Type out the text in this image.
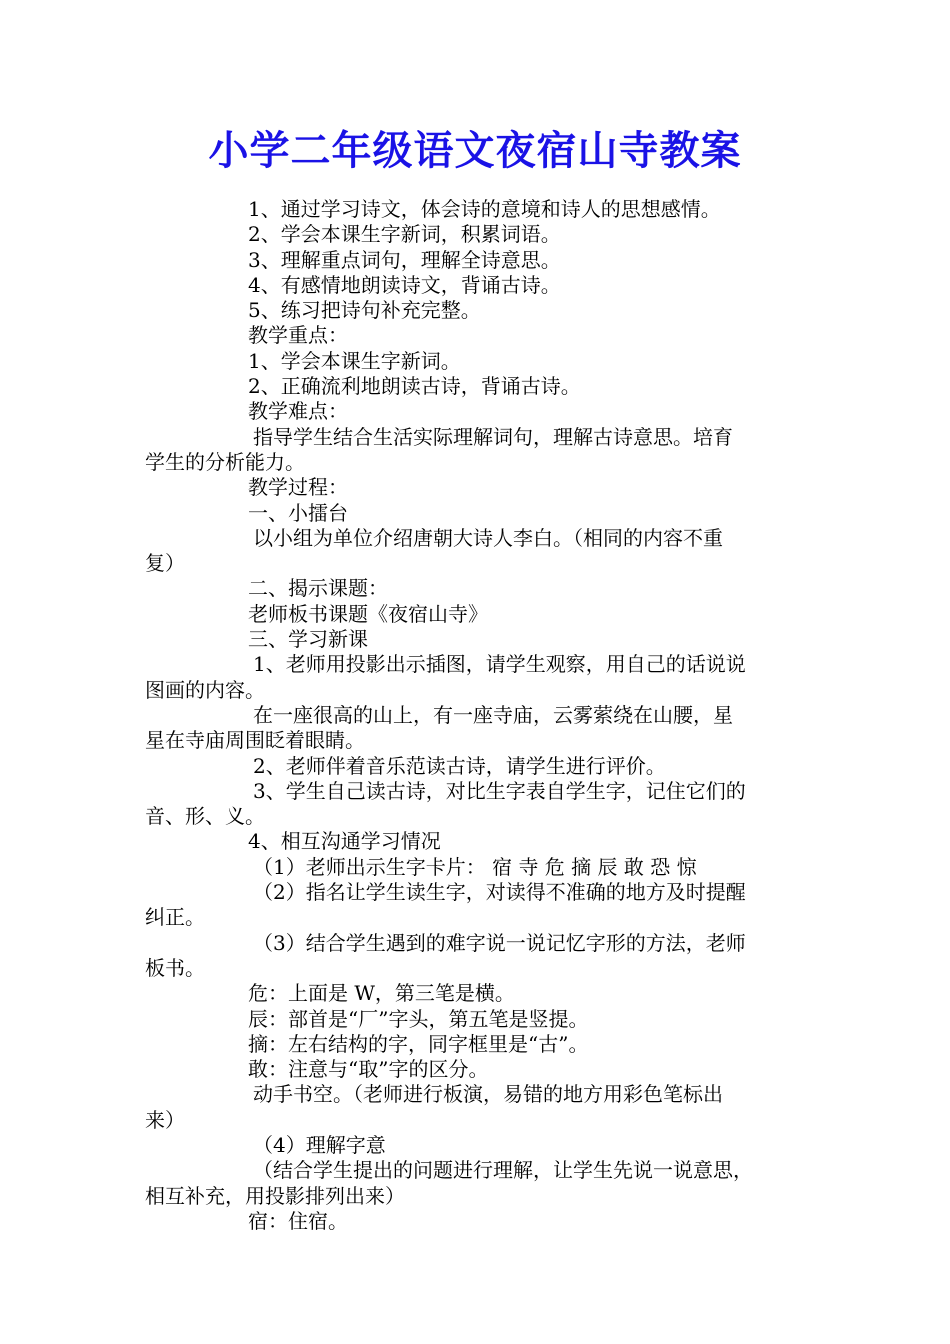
小学二年级语文夜宿山寺教案

1、通过学习诗文，体会诗的意境和诗人的思想感情。

2、学会本课生字新词，积累词语。

3、理解重点词句，理解全诗意思。

4、有感情地朗读诗文，背诵古诗。

5、练习把诗句补充完整。

教学重点：

1、学会本课生字新词。

2、正确流利地朗读古诗，背诵古诗。

教学难点：

指导学生结合生活实际理解词句，理解古诗意思。培育

学生的分析能力。

教学过程：

一、小擂台

以小组为单位介绍唐朝大诗人李白。（相同的内容不重

复）

二、揭示课题：

老师板书课题《夜宿山寺》

三、学习新课

1、老师用投影出示插图，请学生观察，用自己的话说说

图画的内容。

在一座很高的山上，有一座寺庙，云雾萦绕在山腰，星

星在寺庙周围眨着眼睛。

2、老师伴着音乐范读古诗，请学生进行评价。

3、学生自己读古诗，对比生字表自学生字，记住它们的

音、形、义。

4、相互沟通学习情况

（1）老师出示生字卡片： 宿 寺 危 摘 辰 敢 恐 惊

（2）指名让学生读生字，对读得不准确的地方及时提醒

纠正。

（3）结合学生遇到的难字说一说记忆字形的方法，老师

板书。

危：上面是 W，第三笔是横。

辰：部首是“厂”字头，第五笔是竖提。

摘：左右结构的字，同字框里是“古”。

敢：注意与“取”字的区分。

动手书空。（老师进行板演，易错的地方用彩色笔标出

来）

（4）理解字意

（结合学生提出的问题进行理解，让学生先说一说意思，

相互补充，用投影排列出来）

宿：住宿。
